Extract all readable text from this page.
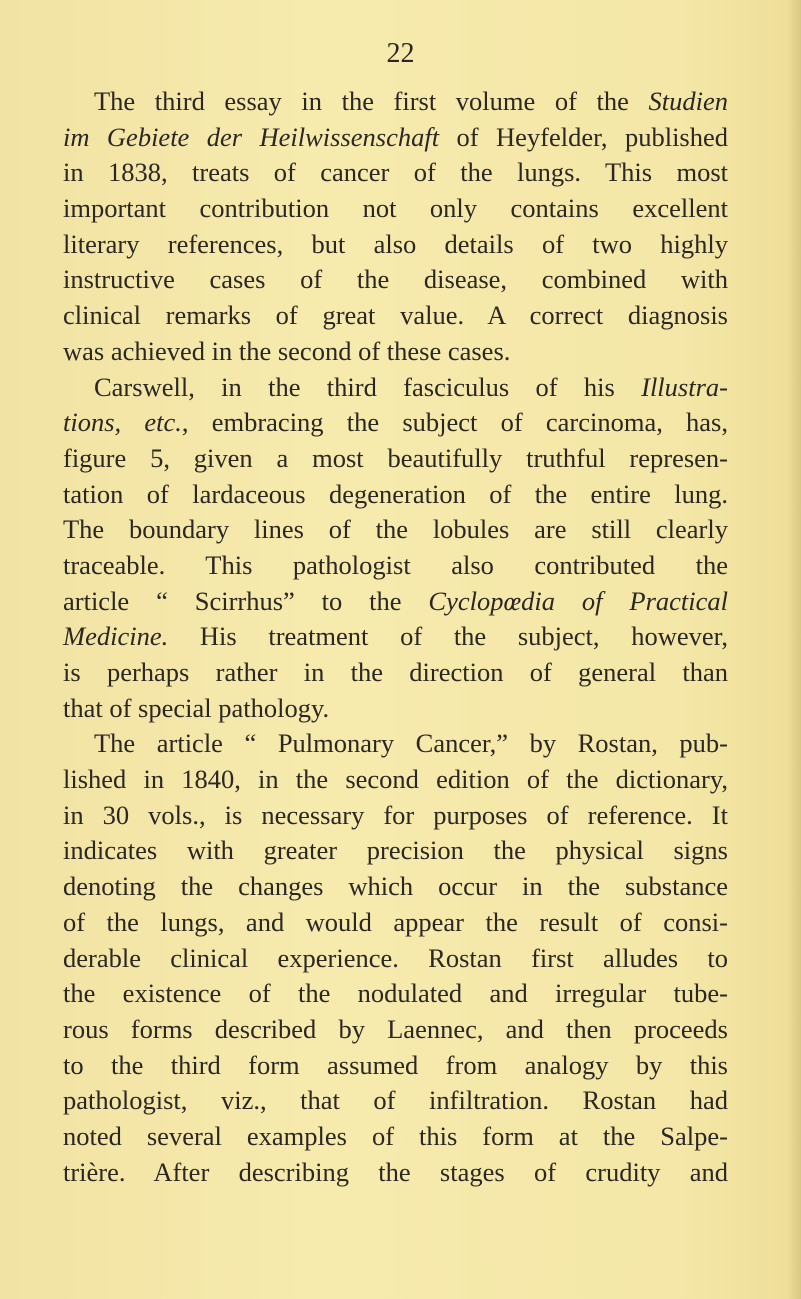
22
The third essay in the first volume of the Studien
im Gebiete der Heilwissenschaft of Heyfelder, published
in 1838, treats of cancer of the lungs. This most
important contribution not only contains excellent
literary references, but also details of two highly
instructive cases of the disease, combined with
clinical remarks of great value. A correct diagnosis
was achieved in the second of these cases.
Carswell, in the third fasciculus of his Illustra-
tions, etc., embracing the subject of carcinoma, has,
figure 5, given a most beautifully truthful represen-
tation of lardaceous degeneration of the entire lung.
The boundary lines of the lobules are still clearly
traceable. This pathologist also contributed the
article “ Scirrhus” to the Cyclopœdia of Practical
Medicine. His treatment of the subject, however,
is perhaps rather in the direction of general than
that of special pathology.
The article “ Pulmonary Cancer,” by Rostan, pub-
lished in 1840, in the second edition of the dictionary,
in 30 vols., is necessary for purposes of reference. It
indicates with greater precision the physical signs
denoting the changes which occur in the substance
of the lungs, and would appear the result of consi-
derable clinical experience. Rostan first alludes to
the existence of the nodulated and irregular tube-
rous forms described by Laennec, and then proceeds
to the third form assumed from analogy by this
pathologist, viz., that of infiltration. Rostan had
noted several examples of this form at the Salpe-
trière. After describing the stages of crudity and
